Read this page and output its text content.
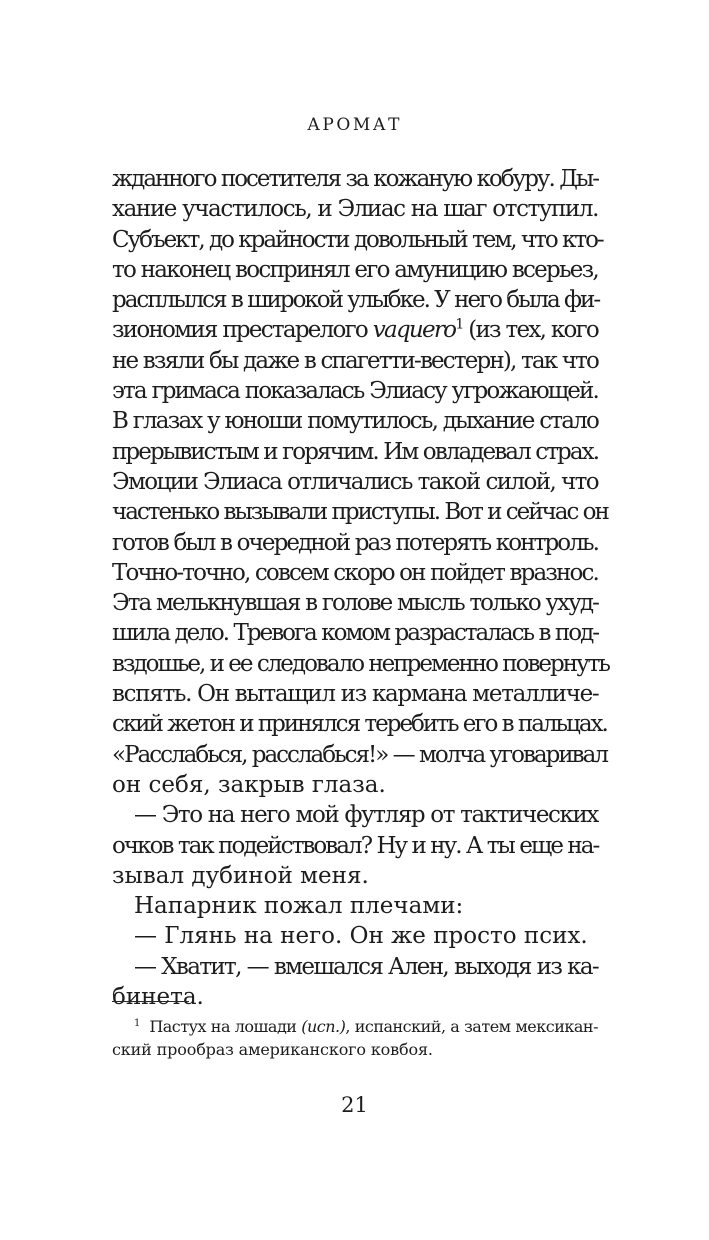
АРОМАТ
жданного посетителя за кожаную кобуру. Ды-
хание участилось, и Элиас на шаг отступил.
Субъект, до крайности довольный тем, что кто-
то наконец воспринял его амуницию всерьез,
расплылся в широкой улыбке. У него была фи-
зиономия престарелого vaquero$^1$ (из тех, кого
не взяли бы даже в спагетти-вестерн), так что
эта гримаса показалась Элиасу угрожающей.
В глазах у юноши помутилось, дыхание стало
прерывистым и горячим. Им овладевал страх.
Эмоции Элиаса отличались такой силой, что
частенько вызывали приступы. Вот и сейчас он
готов был в очередной раз потерять контроль.
Точно-точно, совсем скоро он пойдет вразнос.
Эта мелькнувшая в голове мысль только ухуд-
шила дело. Тревога комом разрасталась в под-
вздошье, и ее следовало непременно повернуть
вспять. Он вытащил из кармана металличе-
ский жетон и принялся теребить его в пальцах.
«Расслабься, расслабься!» — молча уговаривал
он себя, закрыв глаза.
— Это на него мой футляр от тактических
очков так подействовал? Ну и ну. А ты еще на-
зывал дубиной меня.
Напарник пожал плечами:
— Глянь на него. Он же просто псих.
— Хватит, — вмешался Ален, выходя из ка-
бинета.
$^1$ Пастух на лошади (исп.), испанский, а затем мексикан-
ский прообраз американского ковбоя.
21
